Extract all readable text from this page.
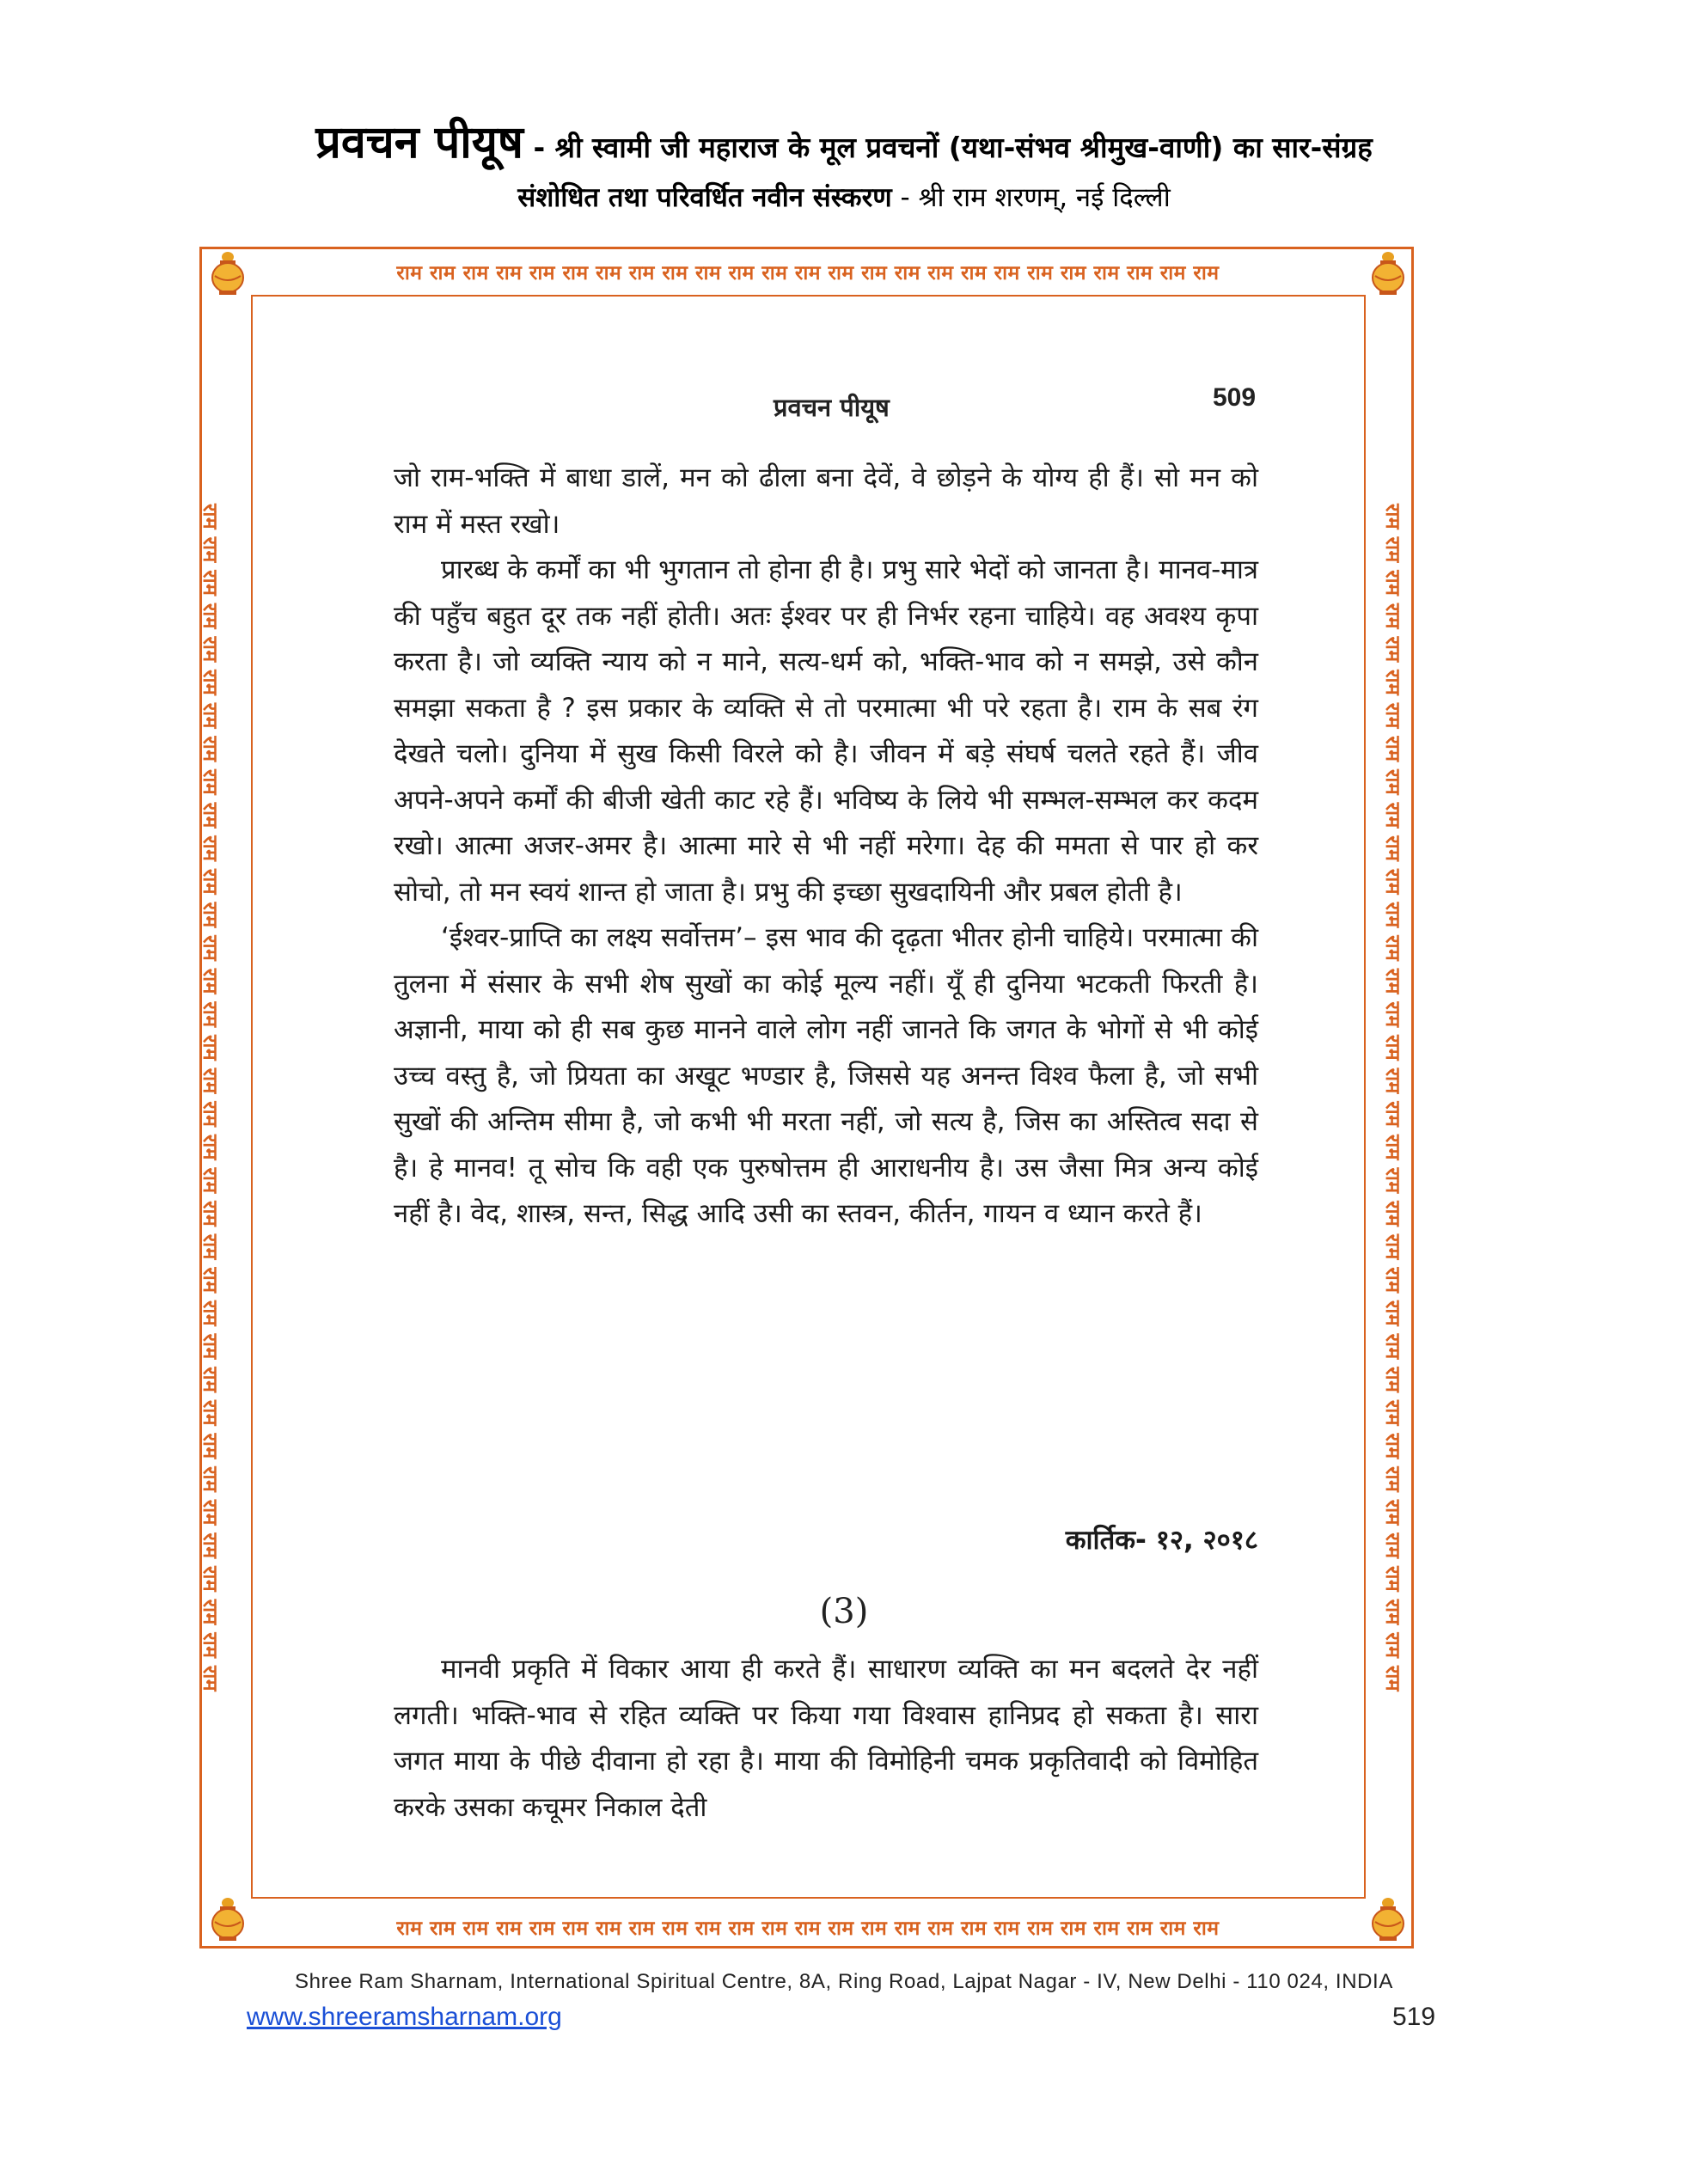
प्रवचन पीयूष - श्री स्वामी जी महाराज के मूल प्रवचनों (यथा-संभव श्रीमुख-वाणी) का सार-संग्रह
संशोधित तथा परिवर्धित नवीन संस्करण - श्री राम शरणम्, नई दिल्ली
राम राम राम राम राम राम राम राम राम राम राम राम राम राम राम राम राम राम राम राम राम राम राम राम राम
राम राम राम राम राम राम राम राम राम राम राम राम राम राम राम राम राम राम राम राम राम राम राम राम राम
राम राम राम राम राम राम राम राम राम राम राम राम राम राम राम राम राम राम राम राम राम राम राम राम राम राम राम राम राम राम राम राम राम राम राम राम	राम राम राम राम राम राम राम राम राम राम राम राम राम राम राम राम राम राम राम राम राम राम राम राम राम राम राम राम राम राम राम राम राम राम राम राम
प्रवचन पीयूष	509

जो राम-भक्ति में बाधा डालें, मन को ढीला बना देवें, वे छोड़ने के योग्य ही हैं। सो मन को राम में मस्त रखो।

प्रारब्ध के कर्मों का भी भुगतान तो होना ही है। प्रभु सारे भेदों को जानता है। मानव-मात्र की पहुँच बहुत दूर तक नहीं होती। अतः ईश्वर पर ही निर्भर रहना चाहिये। वह अवश्य कृपा करता है। जो व्यक्ति न्याय को न माने, सत्य-धर्म को, भक्ति-भाव को न समझे, उसे कौन समझा सकता है ? इस प्रकार के व्यक्ति से तो परमात्मा भी परे रहता है। राम के सब रंग देखते चलो। दुनिया में सुख किसी विरले को है। जीवन में बड़े संघर्ष चलते रहते हैं। जीव अपने-अपने कर्मों की बीजी खेती काट रहे हैं। भविष्य के लिये भी सम्भल-सम्भल कर कदम रखो। आत्मा अजर-अमर है। आत्मा मारे से भी नहीं मरेगा। देह की ममता से पार हो कर सोचो, तो मन स्वयं शान्त हो जाता है। प्रभु की इच्छा सुखदायिनी और प्रबल होती है।

‘ईश्वर-प्राप्ति का लक्ष्य सर्वोत्तम’– इस भाव की दृढ़ता भीतर होनी चाहिये। परमात्मा की तुलना में संसार के सभी शेष सुखों का कोई मूल्य नहीं। यूँ ही दुनिया भटकती फिरती है। अज्ञानी, माया को ही सब कुछ मानने वाले लोग नहीं जानते कि जगत के भोगों से भी कोई उच्च वस्तु है, जो प्रियता का अखूट भण्डार है, जिससे यह अनन्त विश्व फैला है, जो सभी सुखों की अन्तिम सीमा है, जो कभी भी मरता नहीं, जो सत्य है, जिस का अस्तित्व सदा से है। हे मानव! तू सोच कि वही एक पुरुषोत्तम ही आराधनीय है। उस जैसा मित्र अन्य कोई नहीं है। वेद, शास्त्र, सन्त, सिद्ध आदि उसी का स्तवन, कीर्तन, गायन व ध्यान करते हैं।

कार्तिक- १२, २०१८
(3)

मानवी प्रकृति में विकार आया ही करते हैं। साधारण व्यक्ति का मन बदलते देर नहीं लगती। भक्ति-भाव से रहित व्यक्ति पर किया गया विश्वास हानिप्रद हो सकता है। सारा जगत माया के पीछे दीवाना हो रहा है। माया की विमोहिनी चमक प्रकृतिवादी को विमोहित करके उसका कचूमर निकाल देती

Shree Ram Sharnam, International Spiritual Centre, 8A, Ring Road, Lajpat Nagar - IV, New Delhi - 110 024, INDIA
www.shreeramsharnam.org	519
